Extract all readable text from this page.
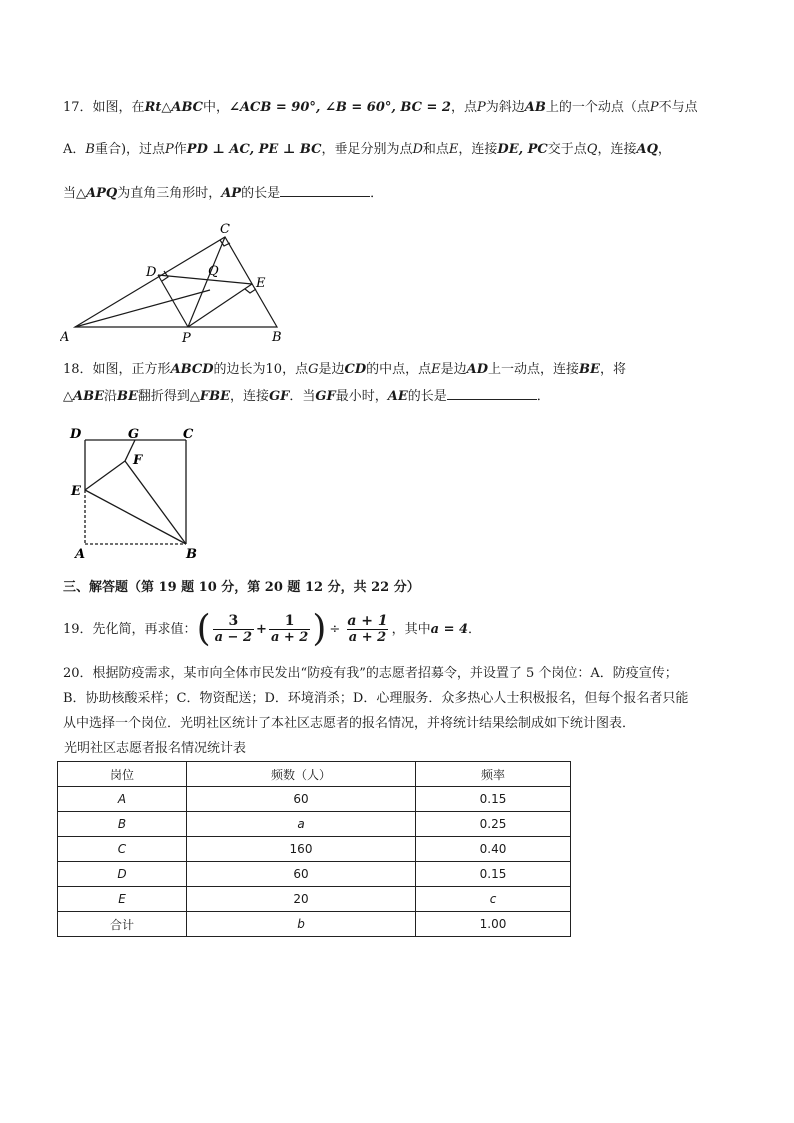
17．如图，在Rt△ABC中，∠ACB = 90°, ∠B = 60°, BC = 2，点P为斜边AB上的一个动点（点P不与点
A．B重合)，过点P作PD ⊥ AC, PE ⊥ BC，垂足分别为点D和点E，连接DE, PC交于点Q，连接AQ，
当△APQ为直角三角形时，AP的长是	．
A	B
C
D
E
P
Q
18．如图，正方形ABCD的边长为10，点G是边CD的中点，点E是边AD上一动点，连接BE，将
△ABE沿BE翻折得到△FBE，连接GF．当GF最小时，AE的长是	．
D	G	C
F
E
A	B
三、解答题（第 19 题 10 分，第 20 题 12 分，共 22 分）
19．先化简，再求值：( $\frac{3}{a - 2} + \frac{1}{a + 2}$ ) ÷ $\frac{a + 1}{a + 2}$ ，其中a = 4．
20．根据防疫需求，某市向全体市民发出“防疫有我”的志愿者招募令，并设置了 5 个岗位：A．防疫宣传；
B．协助核酸采样；C．物资配送；D．环境消杀；D．心理服务．众多热心人士积极报名，但每个报名者只能
从中选择一个岗位．光明社区统计了本社区志愿者的报名情况，并将统计结果绘制成如下统计图表．
光明社区志愿者报名情况统计表
岗位	频数（人）	频率
A	60	0.15
B	a	0.25
C	160	0.40
D	60	0.15
E	20	c
合计	b	1.00
